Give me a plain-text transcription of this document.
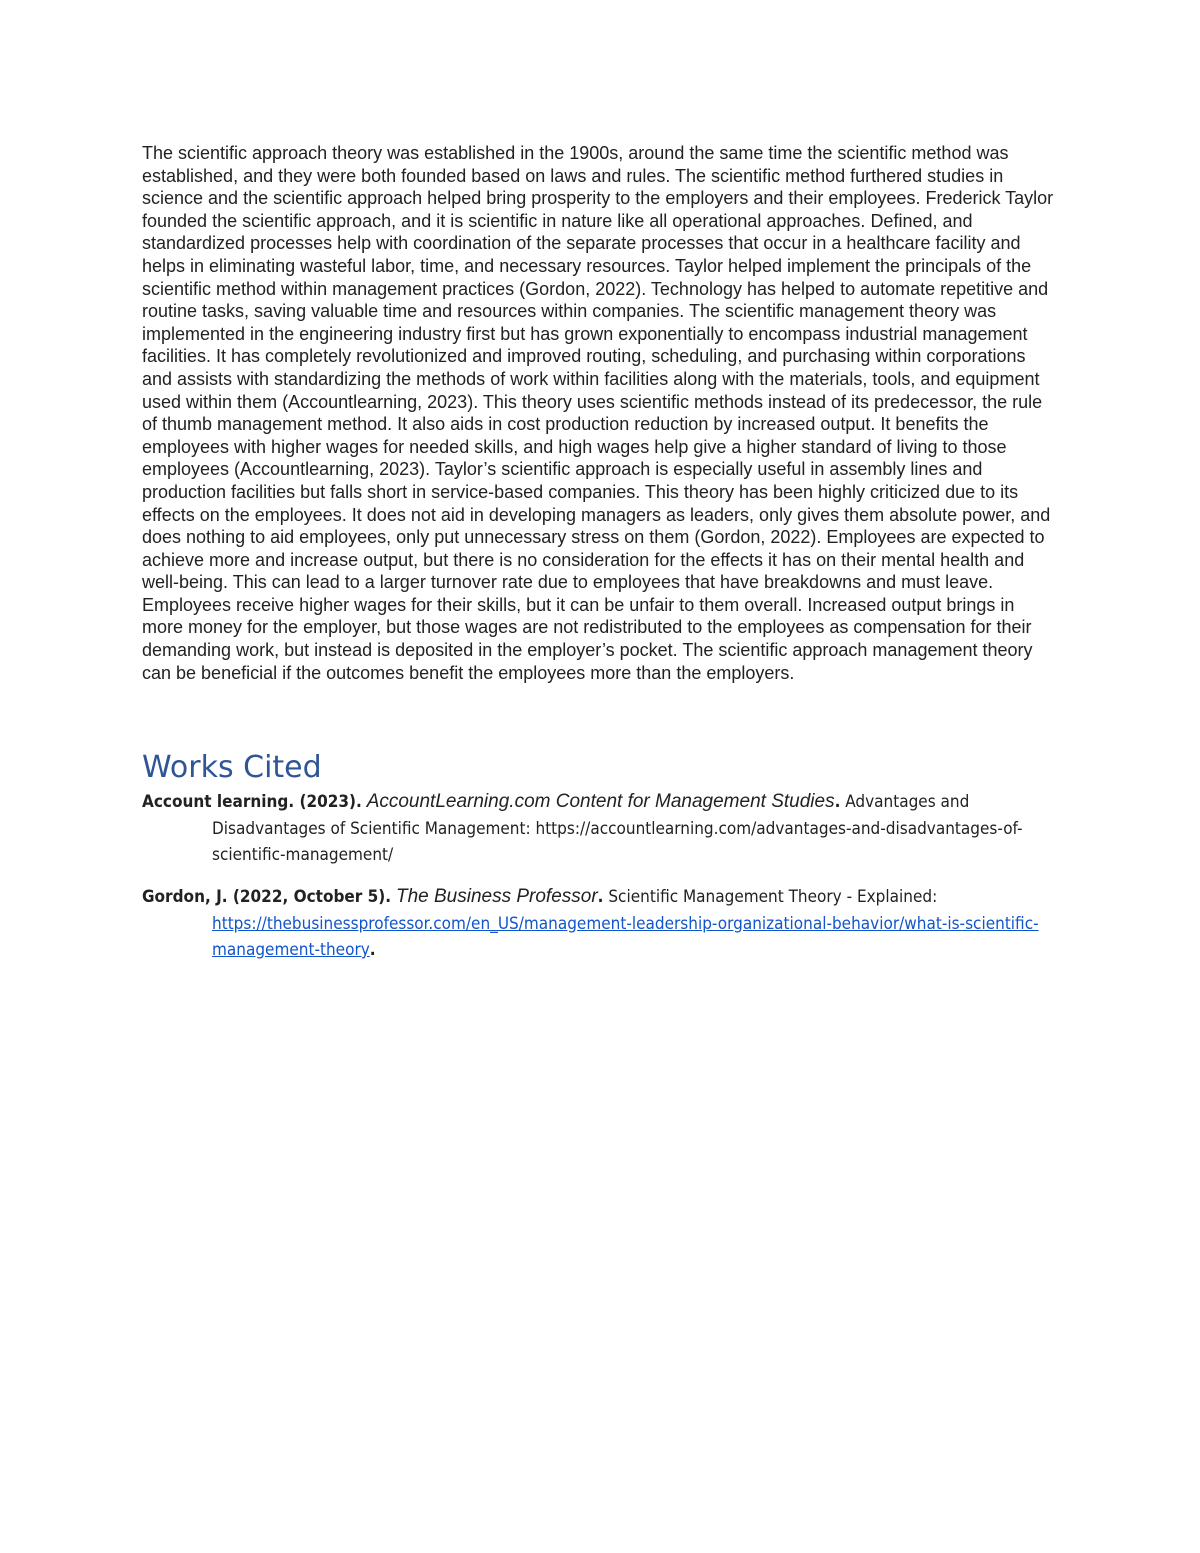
The scientific approach theory was established in the 1900s, around the same time the scientific method was established, and they were both founded based on laws and rules. The scientific method furthered studies in science and the scientific approach helped bring prosperity to the employers and their employees. Frederick Taylor founded the scientific approach, and it is scientific in nature like all operational approaches. Defined, and standardized processes help with coordination of the separate processes that occur in a healthcare facility and helps in eliminating wasteful labor, time, and necessary resources. Taylor helped implement the principals of the scientific method within management practices (Gordon, 2022). Technology has helped to automate repetitive and routine tasks, saving valuable time and resources within companies. The scientific management theory was implemented in the engineering industry first but has grown exponentially to encompass industrial management facilities. It has completely revolutionized and improved routing, scheduling, and purchasing within corporations and assists with standardizing the methods of work within facilities along with the materials, tools, and equipment used within them (Accountlearning, 2023). This theory uses scientific methods instead of its predecessor, the rule of thumb management method. It also aids in cost production reduction by increased output. It benefits the employees with higher wages for needed skills, and high wages help give a higher standard of living to those employees (Accountlearning, 2023). Taylor’s scientific approach is especially useful in assembly lines and production facilities but falls short in service-based companies. This theory has been highly criticized due to its effects on the employees. It does not aid in developing managers as leaders, only gives them absolute power, and does nothing to aid employees, only put unnecessary stress on them (Gordon, 2022). Employees are expected to achieve more and increase output, but there is no consideration for the effects it has on their mental health and well-being. This can lead to a larger turnover rate due to employees that have breakdowns and must leave. Employees receive higher wages for their skills, but it can be unfair to them overall. Increased output brings in more money for the employer, but those wages are not redistributed to the employees as compensation for their demanding work, but instead is deposited in the employer’s pocket. The scientific approach management theory can be beneficial if the outcomes benefit the employees more than the employers.

Works Cited

Account learning. (2023). AccountLearning.com Content for Management Studies. Advantages and Disadvantages of Scientific Management: https://accountlearning.com/advantages-and-disadvantages-of-scientific-management/

Gordon, J. (2022, October 5). The Business Professor. Scientific Management Theory - Explained: https://thebusinessprofessor.com/en_US/management-leadership-organizational-behavior/what-is-scientific-management-theory.
